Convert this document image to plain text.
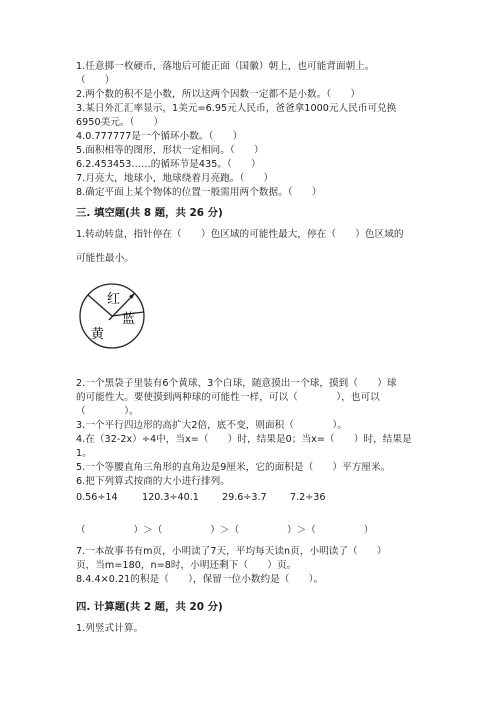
1.任意掷一枚硬币，落地后可能正面（国徽）朝上，也可能背面朝上。
（　　）
2.两个数的积不是小数，所以这两个因数一定都不是小数。（　　）
3.某日外汇汇率显示，1美元=6.95元人民币，爸爸拿1000元人民币可兑换
6950美元。（　　）
4.0.777777是一个循环小数。（　　）
5.面积相等的图形，形状一定相同。（　　）
6.2.453453……的循环节是435。（　　）
7.月亮大，地球小，地球绕着月亮跑。（　　）
8.确定平面上某个物体的位置一般需用两个数据。（　　）
三. 填空题(共 8 题，共 26 分)
1.转动转盘，指针停在（　　）色区域的可能性最大，停在（　　）色区域的
可能性最小。
红
蓝
黄
2.一个黑袋子里装有6个黄球、3个白球，随意摸出一个球，摸到（　　）球
的可能性大。要使摸到两种球的可能性一样，可以（　　　　），也可以
（　　　　）。
3.一个平行四边形的高扩大2倍，底不变，则面积（　　　　）。
4.在（32-2x）÷4中，当x=（　　）时，结果是0；当x=（　　）时，结果是
1。
5.一个等腰直角三角形的直角边是9厘米，它的面积是（　　）平方厘米。
6.把下列算式按商的大小进行排列。
0.56÷14	120.3÷40.1 29.6÷3.7 7.2÷36
（　　　　　）＞（　　　　　）＞（　　　　　）＞（　　　　　）
7.一本故事书有m页，小明读了7天，平均每天读n页，小明读了（　　）
页，当m=180，n=8时，小明还剩下（　　）页。
8.4.4×0.21的积是（　　），保留一位小数约是（　　）。
四. 计算题(共 2 题，共 20 分)
1.列竖式计算。
